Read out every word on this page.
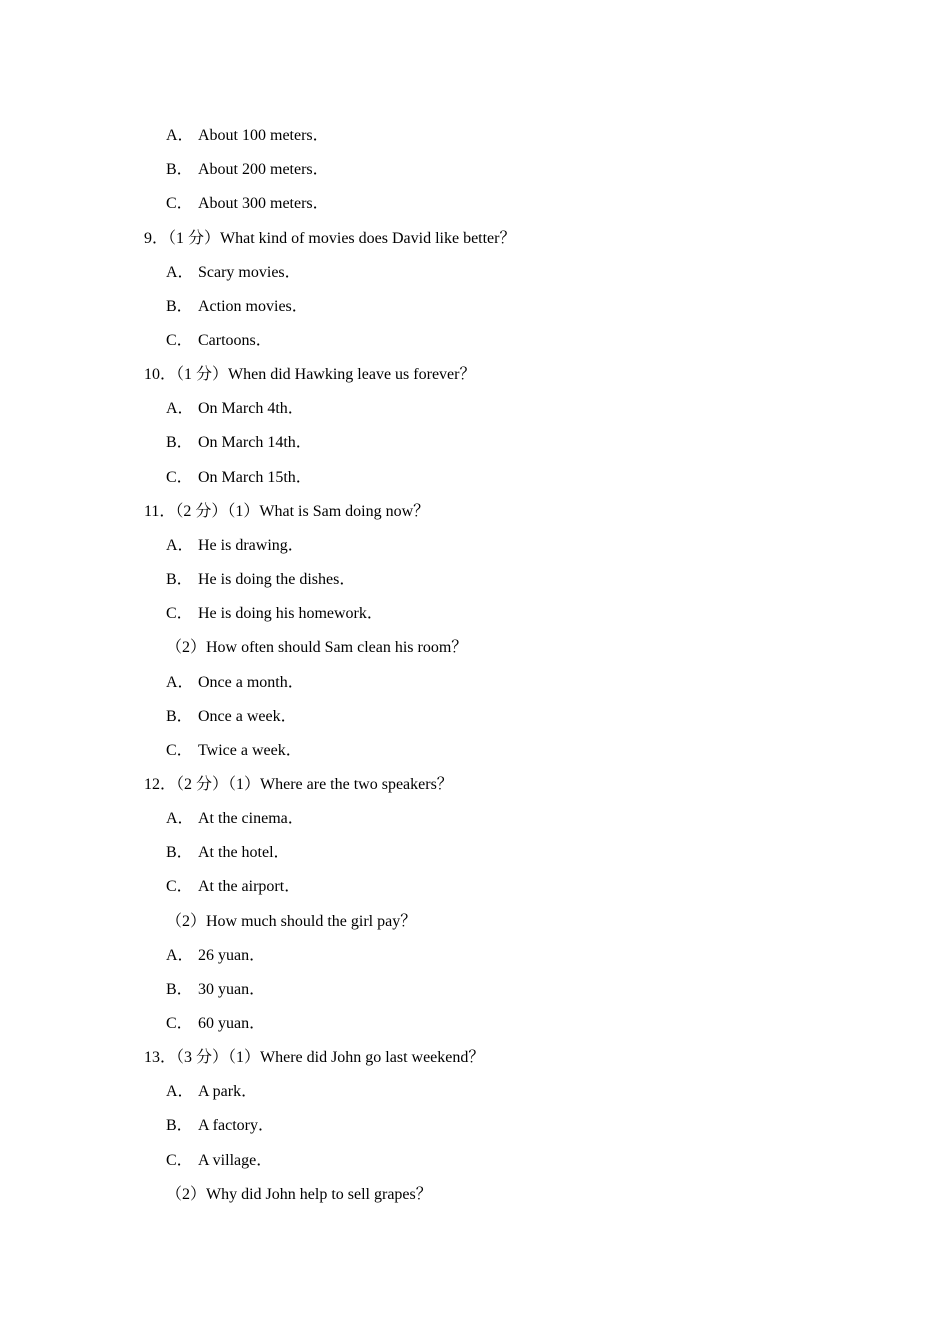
A． About 100 meters．
B． About 200 meters．
C． About 300 meters．
9．（1 分）What kind of movies does David like better？
A． Scary movies．
B． Action movies．
C． Cartoons．
10．（1 分）When did Hawking leave us forever？
A． On March 4th．
B． On March 14th．
C． On March 15th．
11．（2 分）（1）What is Sam doing now？
A． He is drawing．
B． He is doing the dishes．
C． He is doing his homework．
（2）How often should Sam clean his room？
A． Once a month．
B． Once a week．
C． Twice a week．
12．（2 分）（1）Where are the two speakers？
A． At the cinema．
B． At the hotel．
C． At the airport．
（2）How much should the girl pay？
A． 26 yuan．
B． 30 yuan．
C． 60 yuan．
13．（3 分）（1）Where did John go last weekend？
A． A park．
B． A factory．
C． A village．
（2）Why did John help to sell grapes？
